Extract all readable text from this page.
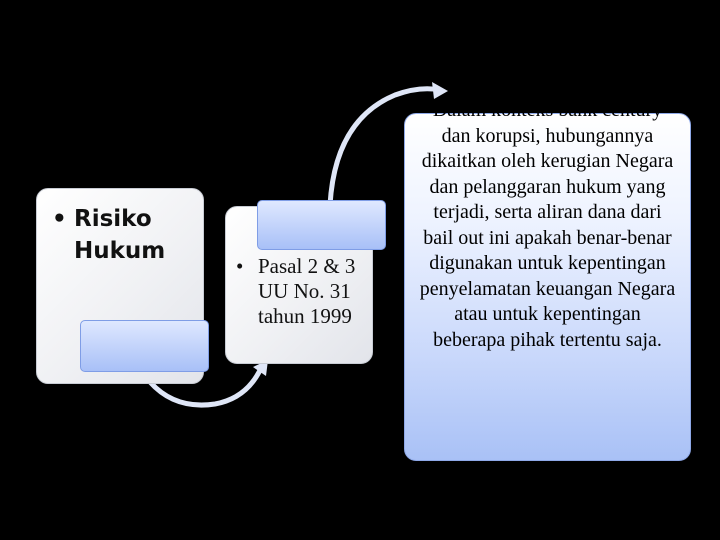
• Risiko Hukum
• Pasal 2 & 3 UU No. 31 tahun 1999
Dalam konteks bank century dan korupsi, hubungannya dikaitkan oleh kerugian Negara dan pelanggaran hukum yang terjadi, serta aliran dana dari bail out ini apakah benar-benar digunakan untuk kepentingan penyelamatan keuangan Negara atau untuk kepentingan beberapa pihak tertentu saja.
